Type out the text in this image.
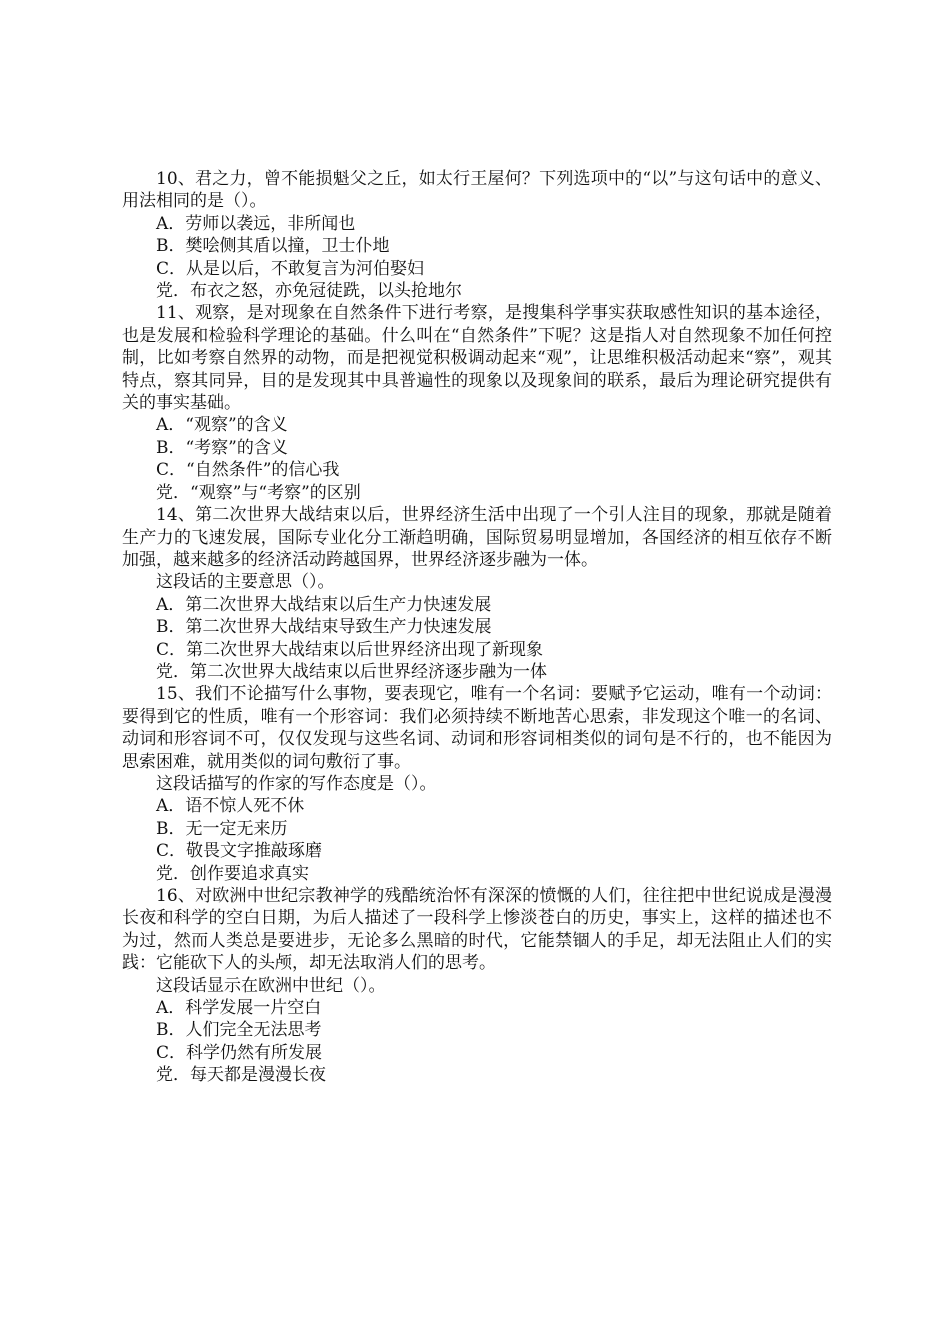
10、君之力，曾不能损魁父之丘，如太行王屋何？下列选项中的“以”与这句话中的意义、用法相同的是（）。

A．劳师以袭远，非所闻也

B．樊哙侧其盾以撞，卫士仆地

C．从是以后，不敢复言为河伯娶妇

党．布衣之怒，亦免冠徒跣，以头抢地尔

11、观察，是对现象在自然条件下进行考察，是搜集科学事实获取感性知识的基本途径，也是发展和检验科学理论的基础。什么叫在“自然条件”下呢？这是指人对自然现象不加任何控制，比如考察自然界的动物，而是把视觉积极调动起来“观”，让思维积极活动起来“察”，观其特点，察其同异，目的是发现其中具普遍性的现象以及现象间的联系，最后为理论研究提供有关的事实基础。

A．“观察”的含义

B．“考察”的含义

C．“自然条件”的信心我

党．“观察”与“考察”的区别

14、第二次世界大战结束以后，世界经济生活中出现了一个引人注目的现象，那就是随着生产力的飞速发展，国际专业化分工渐趋明确，国际贸易明显增加，各国经济的相互依存不断加强，越来越多的经济活动跨越国界，世界经济逐步融为一体。

这段话的主要意思（）。

A．第二次世界大战结束以后生产力快速发展

B．第二次世界大战结束导致生产力快速发展

C．第二次世界大战结束以后世界经济出现了新现象

党．第二次世界大战结束以后世界经济逐步融为一体

15、我们不论描写什么事物，要表现它，唯有一个名词：要赋予它运动，唯有一个动词：要得到它的性质，唯有一个形容词：我们必须持续不断地苦心思索，非发现这个唯一的名词、动词和形容词不可，仅仅发现与这些名词、动词和形容词相类似的词句是不行的，也不能因为思索困难，就用类似的词句敷衍了事。

这段话描写的作家的写作态度是（）。

A．语不惊人死不休

B．无一定无来历

C．敬畏文字推敲琢磨

党．创作要追求真实

16、对欧洲中世纪宗教神学的残酷统治怀有深深的愤慨的人们，往往把中世纪说成是漫漫长夜和科学的空白日期，为后人描述了一段科学上惨淡苍白的历史，事实上，这样的描述也不为过，然而人类总是要进步，无论多么黑暗的时代，它能禁锢人的手足，却无法阻止人们的实践：它能砍下人的头颅，却无法取消人们的思考。

这段话显示在欧洲中世纪（）。

A．科学发展一片空白

B．人们完全无法思考

C．科学仍然有所发展

党．每天都是漫漫长夜
